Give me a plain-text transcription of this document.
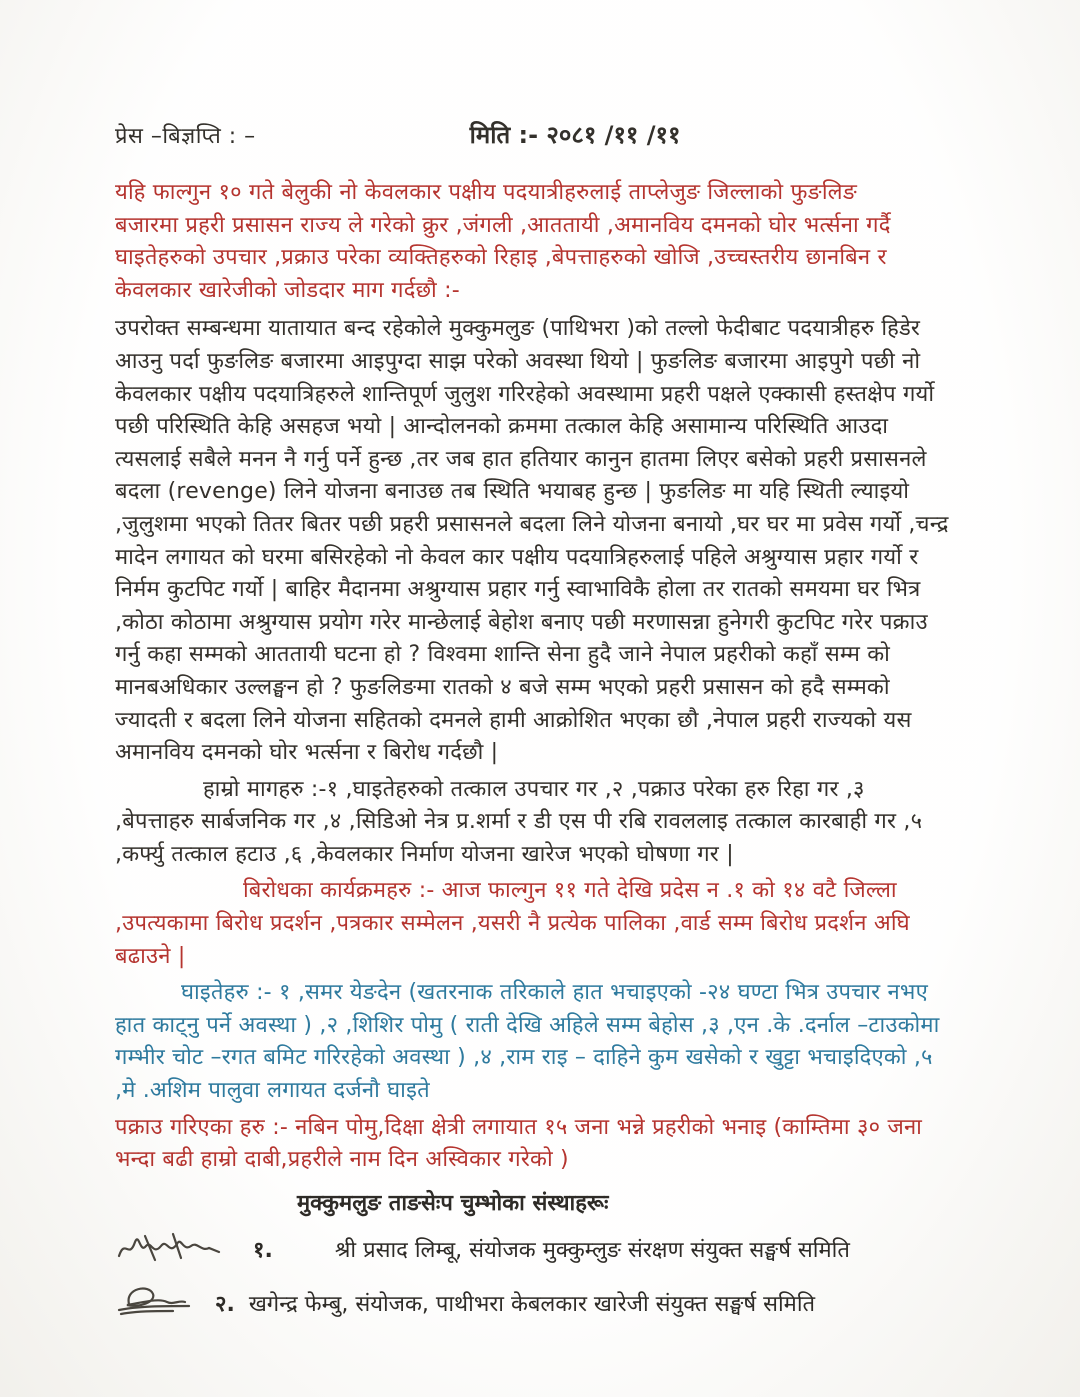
प्रेस –बिज्ञप्ति : –	मिति :- २०८१ /११ /११
यहि फाल्गुन १० गते बेलुकी नो केवलकार पक्षीय पदयात्रीहरुलाई ताप्लेजुङ जिल्लाको फुङलिङ
बजारमा प्रहरी प्रसासन राज्य ले गरेको क्रुर ,जंगली ,आततायी ,अमानविय दमनको घोर भर्त्सना गर्दै
घाइतेहरुको उपचार ,प्रक्राउ परेका व्यक्तिहरुको रिहाइ ,बेपत्ताहरुको खोजि ,उच्चस्तरीय छानबिन र
केवलकार खारेजीको जोडदार माग गर्दछौ :-
उपरोक्त सम्बन्धमा यातायात बन्द रहेकोले मुक्कुमलुङ (पाथिभरा )को तल्लो फेदीबाट पदयात्रीहरु हिडेर
आउनु पर्दा फुङलिङ बजारमा आइपुग्दा साझ परेको अवस्था थियो | फुङलिङ बजारमा आइपुगे पछी नो
केवलकार पक्षीय पदयात्रिहरुले शान्तिपूर्ण जुलुश गरिरहेको अवस्थामा प्रहरी पक्षले एक्कासी हस्तक्षेप गर्यो
पछी परिस्थिति केहि असहज भयो | आन्दोलनको क्रममा तत्काल केहि असामान्य परिस्थिति आउदा
त्यसलाई सबैले मनन नै गर्नु पर्ने हुन्छ ,तर जब हात हतियार कानुन हातमा लिएर बसेको प्रहरी प्रसासनले
बदला (revenge) लिने योजना बनाउछ तब स्थिति भयाबह हुन्छ | फुङलिङ मा यहि स्थिती ल्याइयो
,जुलुशमा भएको तितर बितर पछी प्रहरी प्रसासनले बदला लिने योजना बनायो ,घर घर मा प्रवेस गर्यो ,चन्द्र
मादेन लगायत को घरमा बसिरहेको नो केवल कार पक्षीय पदयात्रिहरुलाई पहिले अश्रुग्यास प्रहार गर्यो र
निर्मम कुटपिट गर्यो | बाहिर मैदानमा अश्रुग्यास प्रहार गर्नु स्वाभाविकै होला तर रातको समयमा घर भित्र
,कोठा कोठामा अश्रुग्यास प्रयोग गरेर मान्छेलाई बेहोश बनाए पछी मरणासन्ना हुनेगरी कुटपिट गरेर पक्राउ
गर्नु कहा सम्मको आततायी घटना हो ? विश्वमा शान्ति सेना हुदै जाने नेपाल प्रहरीको कहाँ सम्म को
मानबअधिकार उल्लङ्घन हो ? फुङलिङमा रातको ४ बजे सम्म भएको प्रहरी प्रसासन को हदै सम्मको
ज्यादती र बदला लिने योजना सहितको दमनले हामी आक्रोशित भएका छौ ,नेपाल प्रहरी राज्यको यस
अमानविय दमनको घोर भर्त्सना र बिरोध गर्दछौ |
हाम्रो मागहरु :-१ ,घाइतेहरुको तत्काल उपचार गर ,२ ,पक्राउ परेका हरु रिहा गर ,३
,बेपत्ताहरु सार्बजनिक गर ,४ ,सिडिओ नेत्र प्र.शर्मा र डी एस पी रबि रावललाइ तत्काल कारबाही गर ,५
,कर्फ्यु तत्काल हटाउ ,६ ,केवलकार निर्माण योजना खारेज भएको घोषणा गर |
बिरोधका कार्यक्रमहरु :- आज फाल्गुन ११ गते देखि प्रदेस न .१ को १४ वटै जिल्ला
,उपत्यकामा बिरोध प्रदर्शन ,पत्रकार सम्मेलन ,यसरी नै प्रत्येक पालिका ,वार्ड सम्म बिरोध प्रदर्शन अघि
बढाउने |
घाइतेहरु :- १ ,समर येङदेन (खतरनाक तरिकाले हात भचाइएको -२४ घण्टा भित्र उपचार नभए
हात काट्नु पर्ने अवस्था ) ,२ ,शिशिर पोमु ( राती देखि अहिले सम्म बेहोस ,३ ,एन .के .दर्नाल –टाउकोमा
गम्भीर चोट –रगत बमिट गरिरहेको अवस्था ) ,४ ,राम राइ – दाहिने कुम खसेको र खुट्टा भचाइदिएको ,५
,मे .अशिम पालुवा लगायत दर्जनौ घाइते
पक्राउ गरिएका हरु :- नबिन पोमु,दिक्षा क्षेत्री लगायात १५ जना भन्ने प्रहरीको भनाइ (काम्तिमा ३० जना
भन्दा बढी हाम्रो दाबी,प्रहरीले नाम दिन अस्विकार गरेको )
मुक्कुमलुङ ताङसेःप चुम्भोका संस्थाहरूः
१.	श्री प्रसाद लिम्बू, संयोजक मुक्कुम्लुङ संरक्षण संयुक्त सङ्घर्ष समिति
२. खगेन्द्र फेम्बु, संयोजक, पाथीभरा केबलकार खारेजी संयुक्त सङ्घर्ष समिति
